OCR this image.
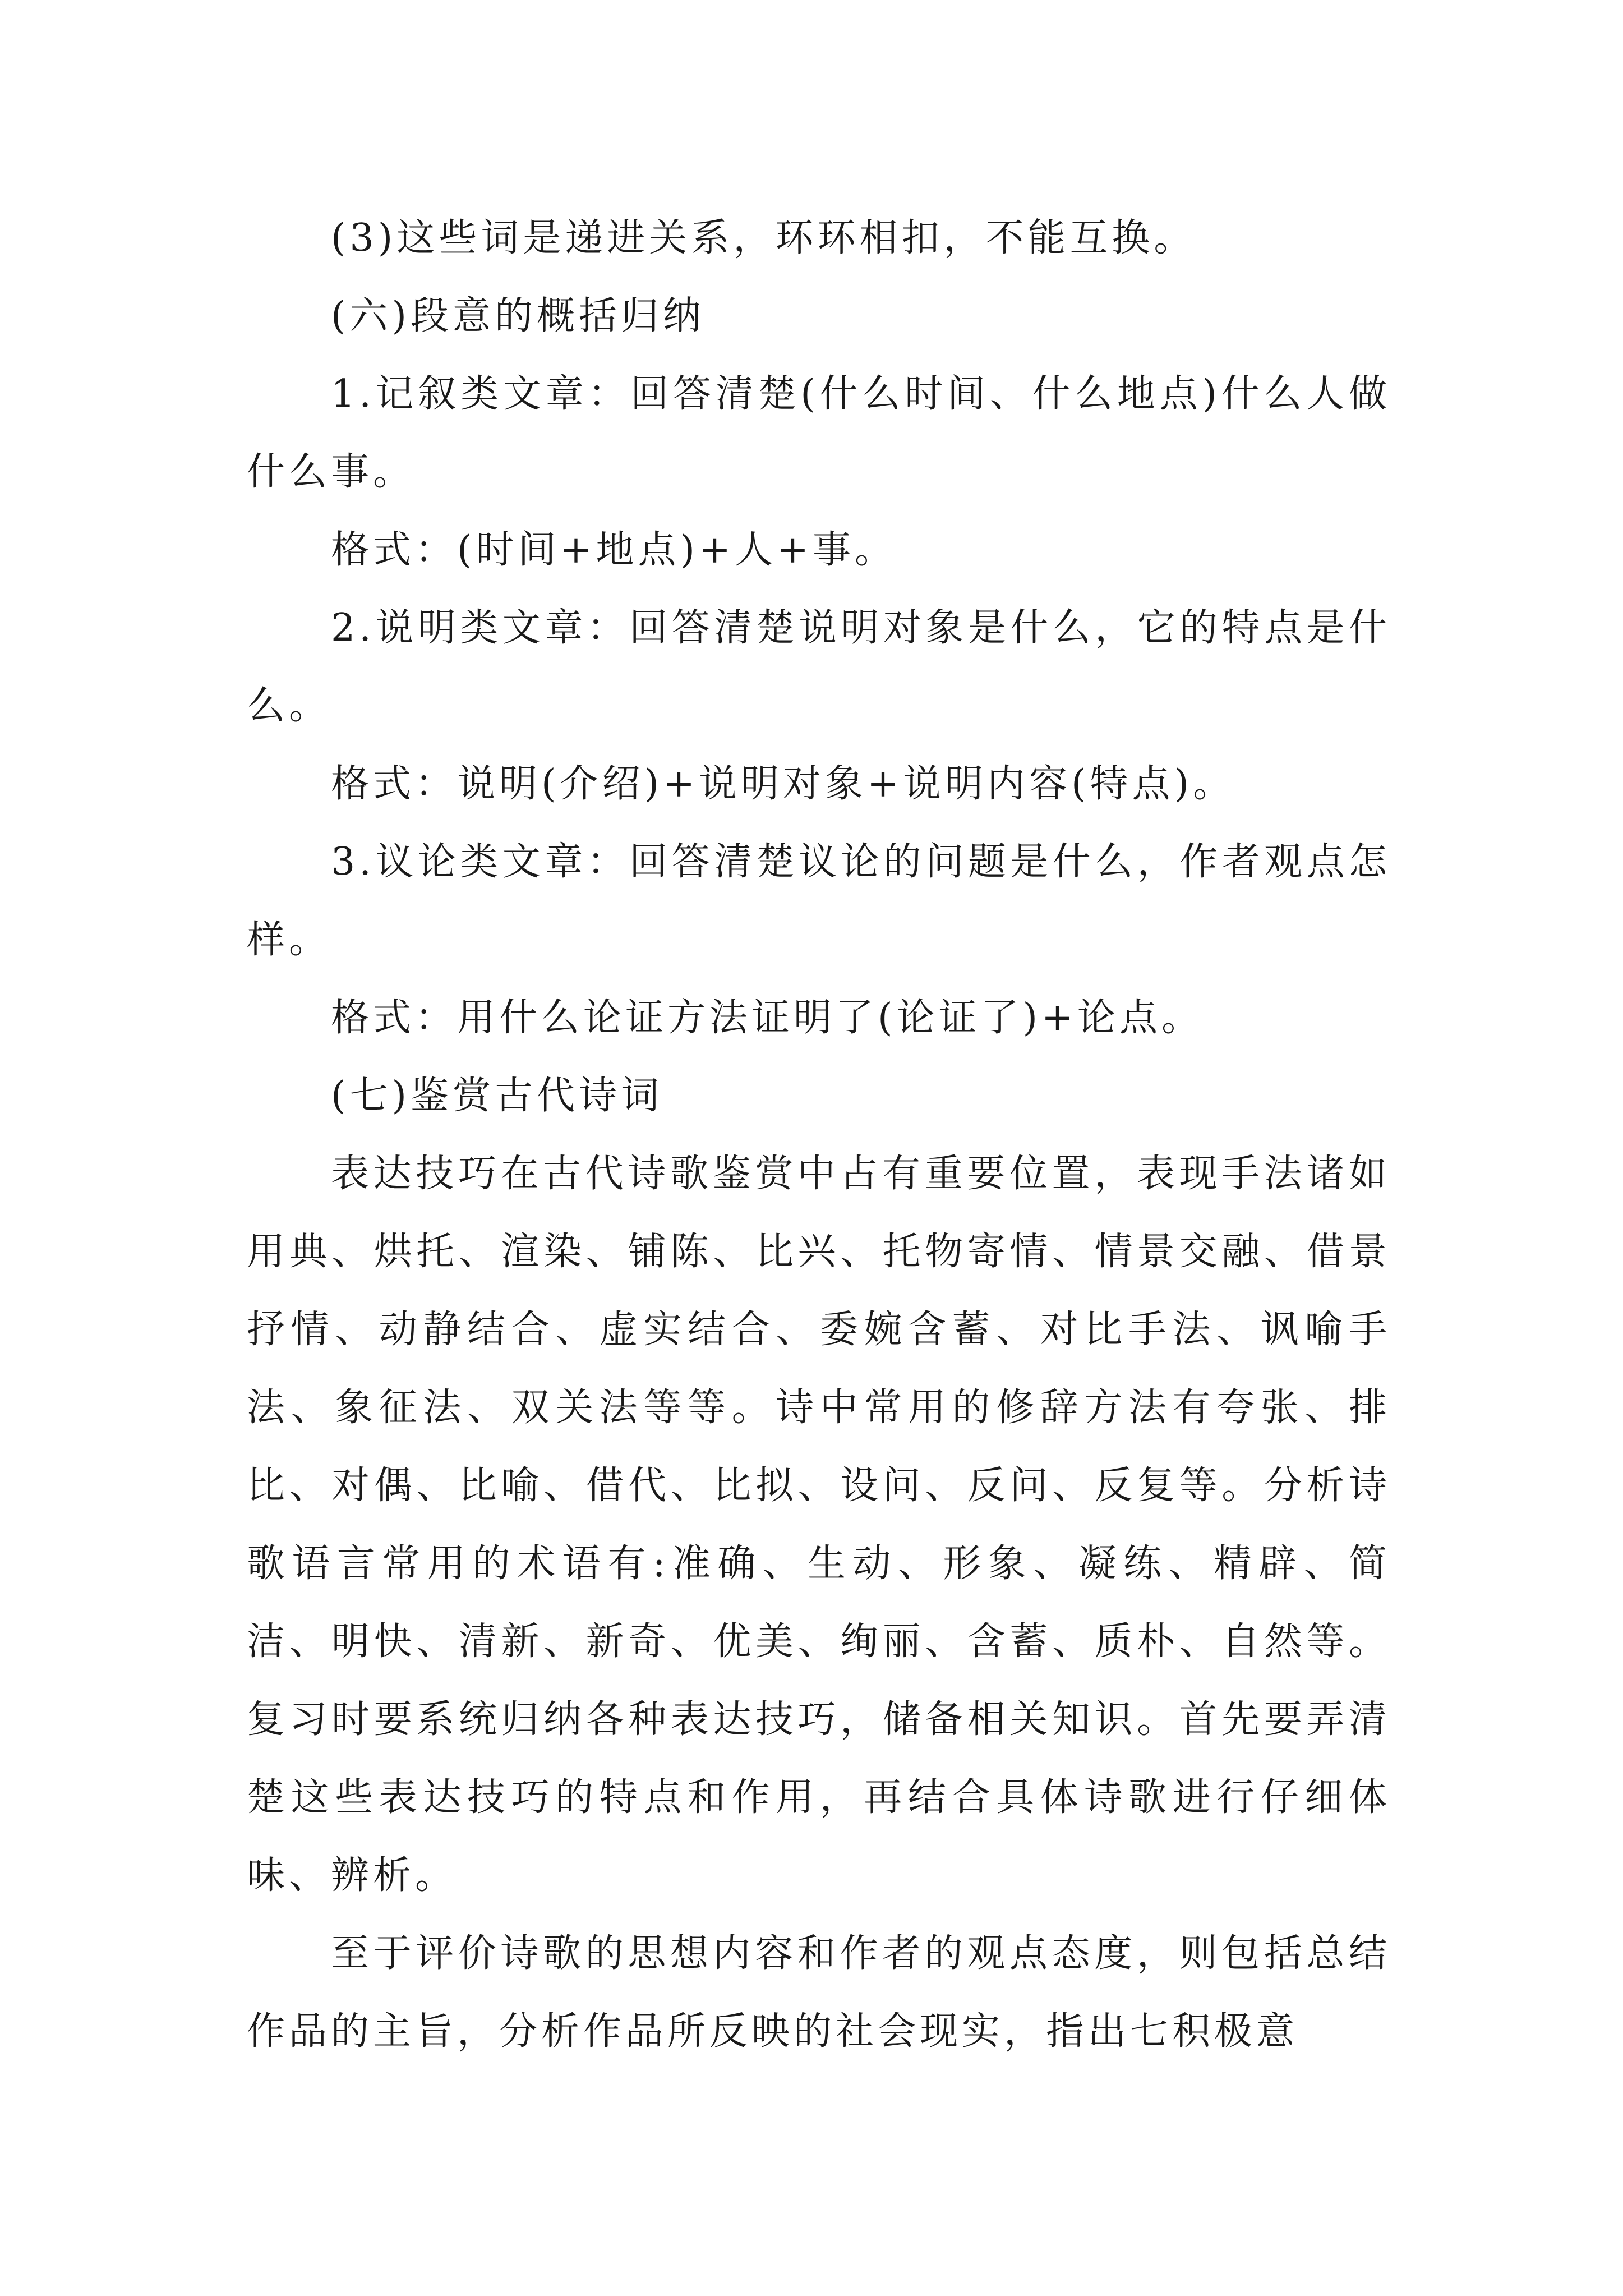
(3)这些词是递进关系，环环相扣，不能互换。

(六)段意的概括归纳

1.记叙类文章：回答清楚(什么时间、什么地点)什么人做什么事。

格式：(时间+地点)+人+事。

2.说明类文章：回答清楚说明对象是什么，它的特点是什么。

格式：说明(介绍)+说明对象+说明内容(特点)。

3.议论类文章：回答清楚议论的问题是什么，作者观点怎样。

格式：用什么论证方法证明了(论证了)+论点。

(七)鉴赏古代诗词

表达技巧在古代诗歌鉴赏中占有重要位置，表现手法诸如用典、烘托、渲染、铺陈、比兴、托物寄情、情景交融、借景抒情、动静结合、虚实结合、委婉含蓄、对比手法、讽喻手法、象征法、双关法等等。诗中常用的修辞方法有夸张、排比、对偶、比喻、借代、比拟、设问、反问、反复等。分析诗歌语言常用的术语有:准确、生动、形象、凝练、精辟、简洁、明快、清新、新奇、优美、绚丽、含蓄、质朴、自然等。复习时要系统归纳各种表达技巧，储备相关知识。首先要弄清楚这些表达技巧的特点和作用，再结合具体诗歌进行仔细体味、辨析。

至于评价诗歌的思想内容和作者的观点态度，则包括总结作品的主旨，分析作品所反映的社会现实，指出七积极意
